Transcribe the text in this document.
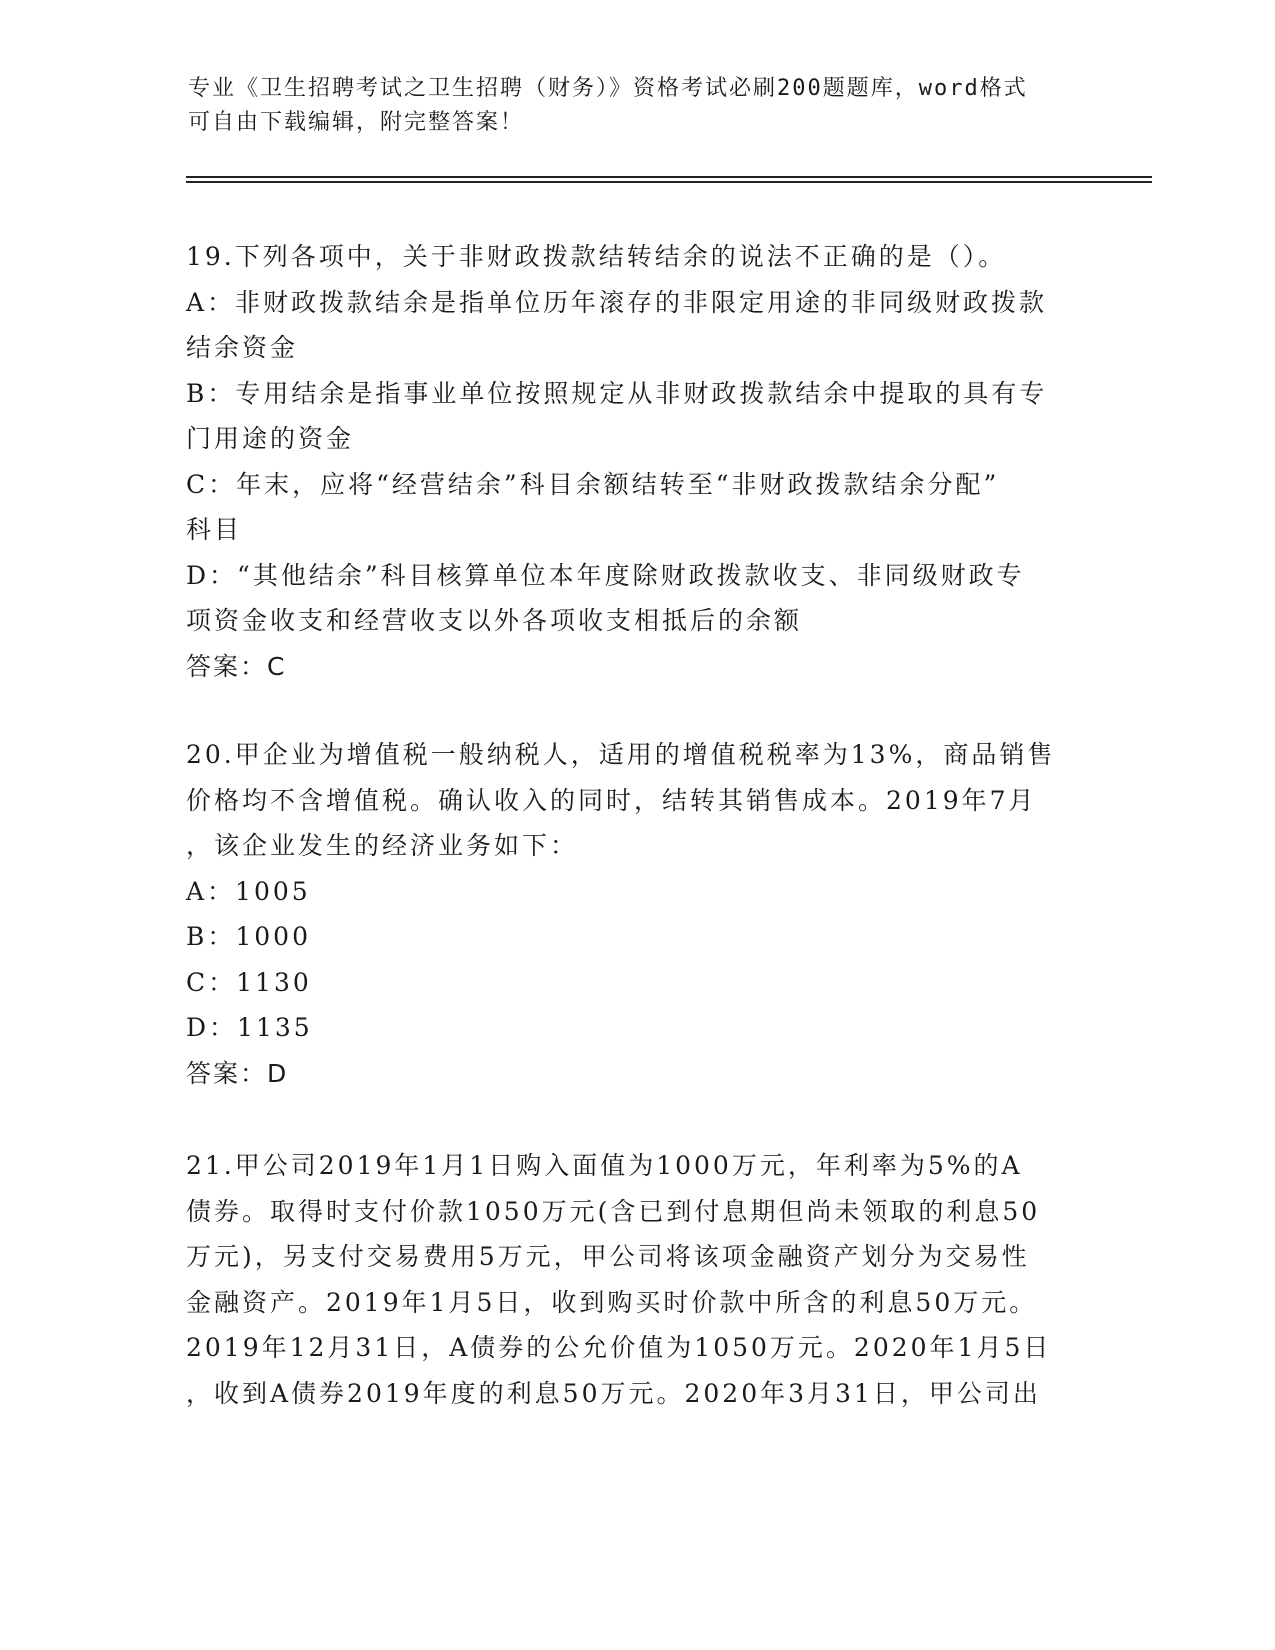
专业《卫生招聘考试之卫生招聘（财务）》资格考试必刷200题题库，word格式
可自由下载编辑，附完整答案！
19.下列各项中，关于非财政拨款结转结余的说法不正确的是（）。
A：非财政拨款结余是指单位历年滚存的非限定用途的非同级财政拨款
结余资金
B：专用结余是指事业单位按照规定从非财政拨款结余中提取的具有专
门用途的资金
C：年末，应将“经营结余”科目余额结转至“非财政拨款结余分配”
科目
D：“其他结余”科目核算单位本年度除财政拨款收支、非同级财政专
项资金收支和经营收支以外各项收支相抵后的余额
答案：C
20.甲企业为增值税一般纳税人，适用的增值税税率为13%，商品销售
价格均不含增值税。确认收入的同时，结转其销售成本。2019年7月
，该企业发生的经济业务如下：
A：1005
B：1000
C：1130
D：1135
答案：D
21.甲公司2019年1月1日购入面值为1000万元，年利率为5%的A
债券。取得时支付价款1050万元(含已到付息期但尚未领取的利息50
万元)，另支付交易费用5万元，甲公司将该项金融资产划分为交易性
金融资产。2019年1月5日，收到购买时价款中所含的利息50万元。
2019年12月31日，A债券的公允价值为1050万元。2020年1月5日
，收到A债券2019年度的利息50万元。2020年3月31日，甲公司出
